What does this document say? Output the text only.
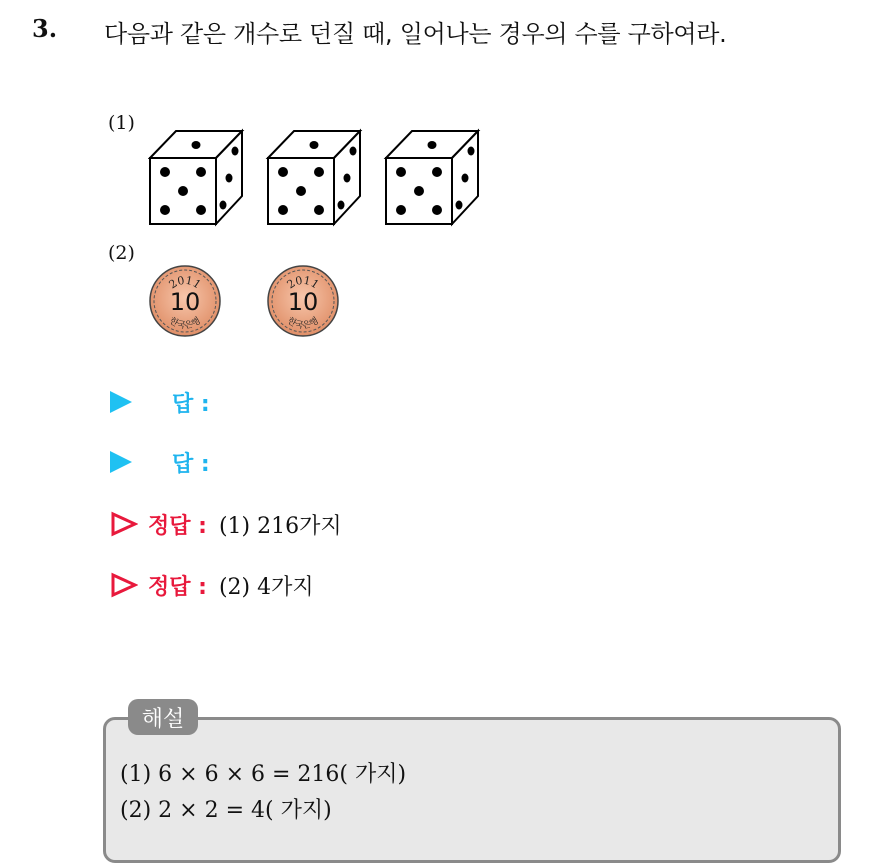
3. 다음과 같은 개수로 던질 때, 일어나는 경우의 수를 구하여라.
(1)
(2)
2011
10
한국은행
2011
10
한국은행
답 :
답 :
정답 : (1) 216가지
정답 : (2) 4가지
해설
(1) 6 × 6 × 6 = 216( 가지)
(2) 2 × 2 = 4( 가지)
